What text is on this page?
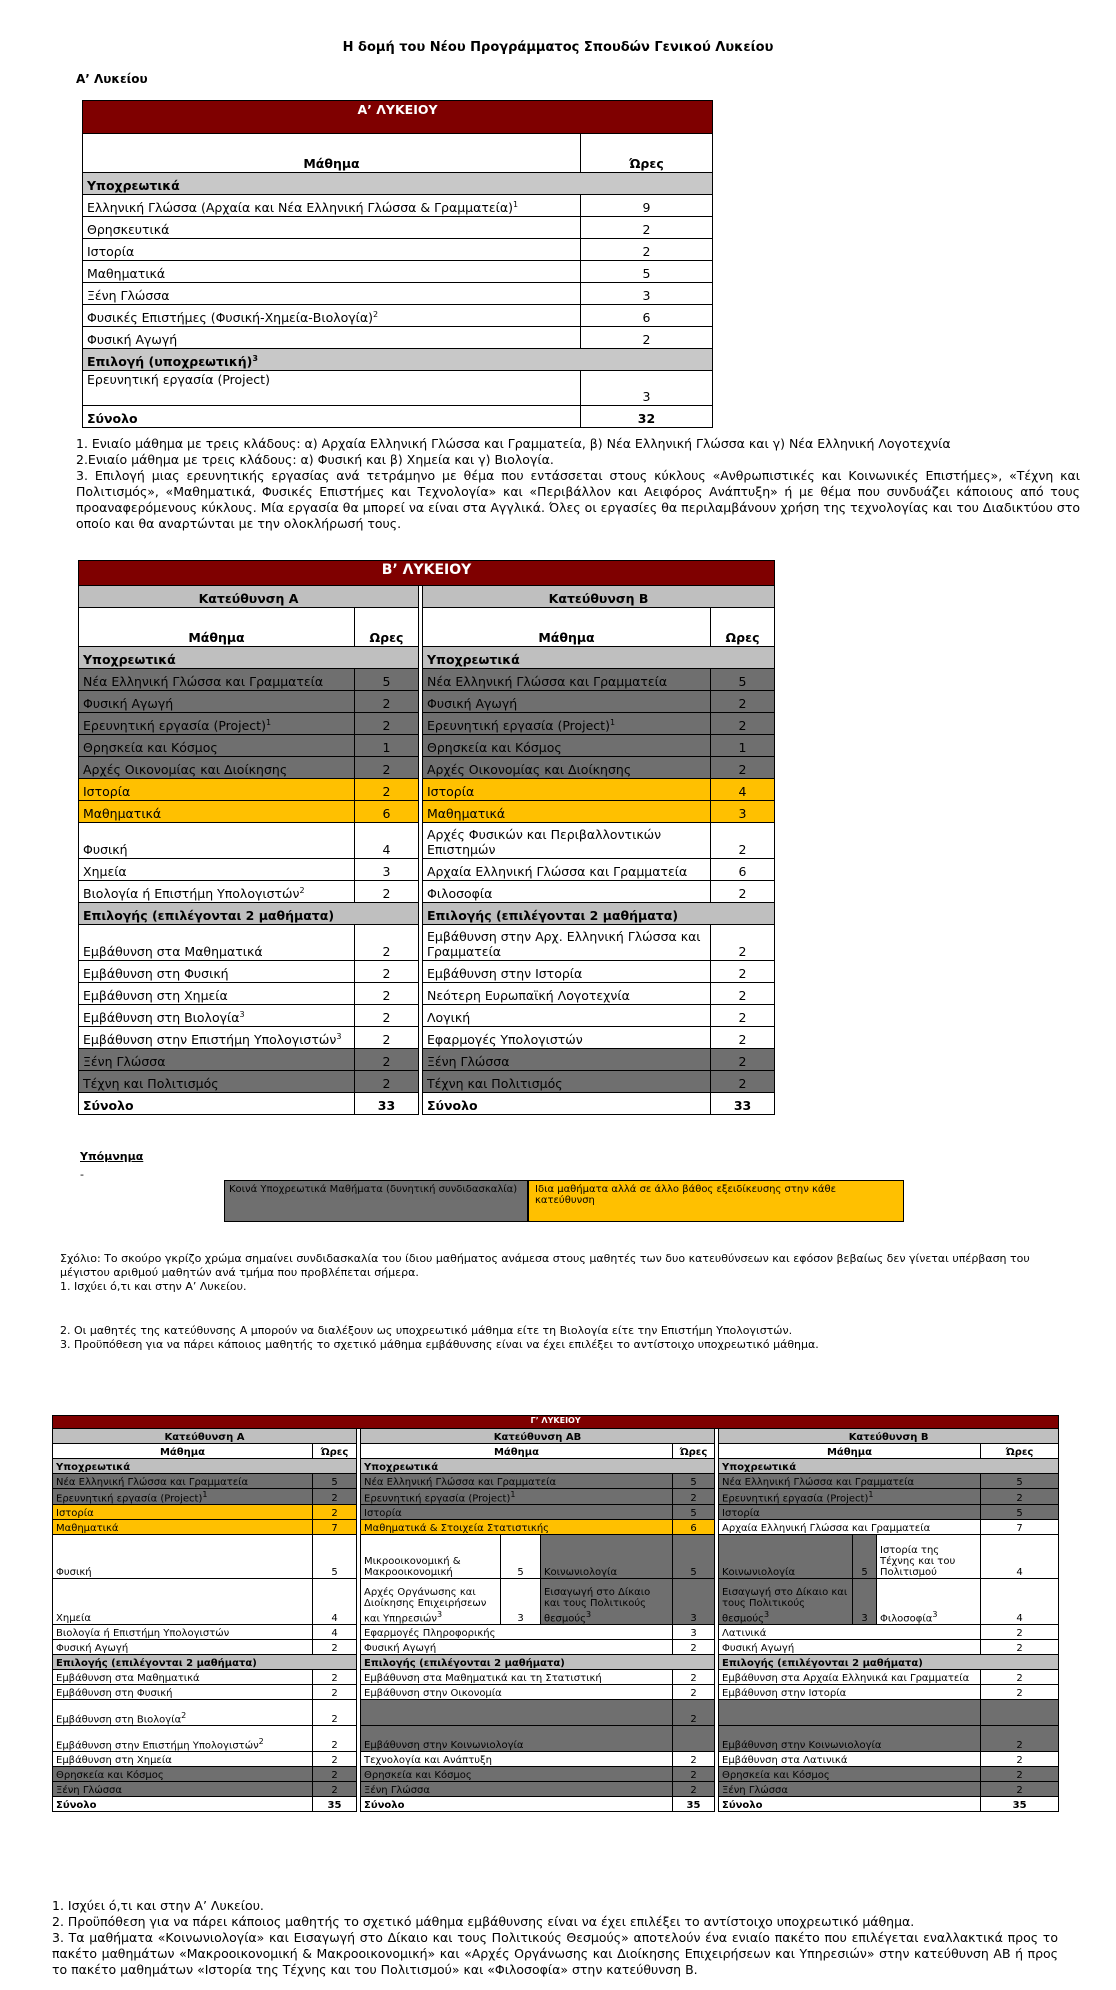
Η δομή του Νέου Προγράμματος Σπουδών Γενικού Λυκείου
Α’ Λυκείου
Α’ ΛΥΚΕΙΟΥ	
Μάθημα	Ώρες
Υποχρεωτικά	
Ελληνική Γλώσσα (Αρχαία και Νέα Ελληνική Γλώσσα & Γραμματεία)$^1$	9
Θρησκευτικά	2
Ιστορία	2
Μαθηματικά	5
Ξένη Γλώσσα	3
Φυσικές Επιστήμες $(\Phi\upsilon\sigma\iota\kappa ή-X\eta\mu\varepsilon ί\alpha-B\iota o\lambda o\gamma ί\alpha)^2$	6
Φυσική Αγωγή	2
Επιλογή $(\upsilon\pi o\chi\rho\varepsilon\omega\tau\iota\kappa ή)^3$
Ερευνητική εργασία (Project)	3
Σύνολο	32

1. Ενιαίο μάθημα με τρεις κλάδους: α) Αρχαία Ελληνική Γλώσσα και Γραμματεία, β) Νέα Ελληνική Γλώσσα και γ) Νέα Ελληνική Λογοτεχνία

2.Ενιαίο μάθημα με τρεις κλάδους: α) Φυσική και β) Χημεία και γ) Βιολογία.

3. Επιλογή μιας ερευνητικής εργασίας ανά τετράμηνο με θέμα που εντάσσεται στους κύκλους «Ανθρωπιστικές και Κοινωνικές Επιστήμες», «Τέχνη και Πολιτισμός», «Μαθηματικά, Φυσικές Επιστήμες και Τεχνολογία» και «Περιβάλλον και Αειφόρος Ανάπτυξη» ή με θέμα που συνδυάζει κάποιους από τους προαναφερόμενους κύκλους. Μία εργασία θα μπορεί να είναι στα Αγγλικά. Όλες οι εργασίες θα περιλαμβάνουν χρήση της τεχνολογίας και του Διαδικτύου στο οποίο και θα αναρτώνται με την ολοκλήρωσή τους.

Β’ ΛΥΚΕΙΟΥ				
Κατεύθυνση Α			Κατεύθυνση Β	
Μάθημα	Ωρες		Μάθημα	Ωρες
Υποχρεωτικά			Υποχρεωτικά	
Νέα Ελληνική Γλώσσα και Γραμματεία	5		Νέα Ελληνική Γλώσσα και Γραμματεία	5
Φυσική Αγωγή	2		Φυσική Αγωγή	2
Ερευνητική εργασία (Project)$^1$	2		Ερευνητική εργασία (Project)$^1$	2
Θρησκεία και Κόσμος	1		Θρησκεία και Κόσμος	1
Αρχές Οικονομίας και Διοίκησης	2		Αρχές Οικονομίας και Διοίκησης	2
Ιστορία	2		Ιστορία	4
Μαθηματικά	6		Μαθηματικά	3
Φυσική	4		Αρχές Φυσικών και Περιβαλλοντικών Επιστημών	2
Χημεία	3		Αρχαία Ελληνική Γλώσσα και Γραμματεία	6
Βιολογία ή Επιστήμη Υπολογιστών$^2$	2		Φιλοσοφία	2
Επιλογής (επιλέγονται 2 μαθήματα)			Επιλογής (επιλέγονται 2 μαθήματα)	
Εμβάθυνση στα Μαθηματικά	2		Εμβάθυνση στην Αρχ. Ελληνική Γλώσσα και Γραμματεία	2
Εμβάθυνση στη Φυσική	2		Εμβάθυνση στην Ιστορία	2
Εμβάθυνση στη Χημεία	2		Νεότερη Ευρωπαϊκή Λογοτεχνία	2
Εμβάθυνση στη Βιολογία$^3$	2		Λογική	2
Εμβάθυνση στην Επιστήμη Υπολογιστών$^3$	2		Εφαρμογές Υπολογιστών	2
Ξένη Γλώσσα	2		Ξένη Γλώσσα	2
Τέχνη και Πολιτισμός	2		Τέχνη και Πολιτισμός	2
Σύνολο	33		Σύνολο	33
Υπόμνημα
-
Κοινά Υποχρεωτικά Μαθήματα (δυνητική συνδιδασκαλία)	Ιδια μαθήματα αλλά σε άλλο βάθος εξειδίκευσης στην κάθε κατεύθυνση

Σχόλιο: Το σκούρο γκρίζο χρώμα σημαίνει συνδιδασκαλία του ίδιου μαθήματος ανάμεσα στους μαθητές των δυο κατευθύνσεων και εφόσον βεβαίως δεν γίνεται υπέρβαση του μέγιστου αριθμού μαθητών ανά τμήμα που προβλέπεται σήμερα.

1. Ισχύει ό,τι και στην Α’ Λυκείου.

2. Οι μαθητές της κατεύθυνσης Α μπορούν να διαλέξουν ως υποχρεωτικό μάθημα είτε τη Βιολογία είτε την Επιστήμη Υπολογιστών.

3. Προϋπόθεση για να πάρει κάποιος μαθητής το σχετικό μάθημα εμβάθυνσης είναι να έχει επιλέξει το αντίστοιχο υποχρεωτικό μάθημα.

Γ’ ΛΥΚΕΙΟΥ											
Κατεύθυνση Α			Κατεύθυνση ΑΒ					Κατεύθυνση Β			
Μάθημα	Ώρες		Μάθημα			Ώρες		Μάθημα			Ώρες
Υποχρεωτικά			Υποχρεωτικά					Υποχρεωτικά			
Νέα Ελληνική Γλώσσα και Γραμματεία	5		Νέα Ελληνική Γλώσσα και Γραμματεία			5		Νέα Ελληνική Γλώσσα και Γραμματεία			5
Ερευνητική εργασία (Project)$^1$	2		Ερευνητική εργασία (Project)$^1$			2		Ερευνητική εργασία (Project)$^1$			2
Ιστορία	2		Ιστορία			5		Ιστορία			5
Μαθηματικά	7		Μαθηματικά & Στοιχεία Στατιστικής			6		Αρχαία Ελληνική Γλώσσα και Γραμματεία			7
Φυσική	5		Μικροοικονομική & Μακροοικονομική	5	Κοινωνιολογία	5		Κοινωνιολογία	5	Ιστορία της Τέχνης και του Πολιτισμού	4
Χημεία	4		Αρχές Οργάνωσης και Διοίκησης Επιχειρήσεων και Υπηρεσιών$^3$	3	Εισαγωγή στο Δίκαιο και τους Πολιτικούς θεσμούς$^3$	3		Εισαγωγή στο Δίκαιο και τους Πολιτικούς θεσμούς$^3$	3	Φιλοσοφία$^3$	4
Βιολογία ή Επιστήμη Υπολογιστών	4		Εφαρμογές Πληροφορικής			3		Λατινικά			2
Φυσική Αγωγή	2		Φυσική Αγωγή			2		Φυσική Αγωγή			2
Επιλογής (επιλέγονται 2 μαθήματα)			Επιλογής (επιλέγονται 2 μαθήματα)					Επιλογής (επιλέγονται 2 μαθήματα)			
Εμβάθυνση στα Μαθηματικά	2		Εμβάθυνση στα Μαθηματικά και τη Στατιστική			2		Εμβάθυνση στα Αρχαία Ελληνικά και Γραμματεία			2
Εμβάθυνση στη Φυσική	2		Εμβάθυνση στην Οικονομία			2		Εμβάθυνση στην Ιστορία			2
Εμβάθυνση στη Βιολογία$^2$	2					2					
Εμβάθυνση στην Επιστήμη Υπολογιστών$^2$	2		Εμβάθυνση στην Κοινωνιολογία					Εμβάθυνση στην Κοινωνιολογία			2
Εμβάθυνση στη Χημεία	2		Τεχνολογία και Ανάπτυξη			2		Εμβάθυνση στα Λατινικά			2
Θρησκεία και Κόσμος	2		Θρησκεία και Κόσμος			2		Θρησκεία και Κόσμος			2
Ξένη Γλώσσα	2		Ξένη Γλώσσα			2		Ξένη Γλώσσα			2
Σύνολο	35		Σύνολο			35		Σύνολο			35

1. Ισχύει ό,τι και στην Α’ Λυκείου.

2. Προϋπόθεση για να πάρει κάποιος μαθητής το σχετικό μάθημα εμβάθυνσης είναι να έχει επιλέξει το αντίστοιχο υποχρεωτικό μάθημα.

3. Τα μαθήματα «Κοινωνιολογία» και Εισαγωγή στο Δίκαιο και τους Πολιτικούς Θεσμούς» αποτελούν ένα ενιαίο πακέτο που επιλέγεται εναλλακτικά προς το πακέτο μαθημάτων «Μακροοικονομική & Μακροοικονομική» και «Αρχές Οργάνωσης και Διοίκησης Επιχειρήσεων και Υπηρεσιών» στην κατεύθυνση ΑΒ ή προς το πακέτο μαθημάτων «Ιστορία της Τέχνης και του Πολιτισμού» και «Φιλοσοφία» στην κατεύθυνση Β.
